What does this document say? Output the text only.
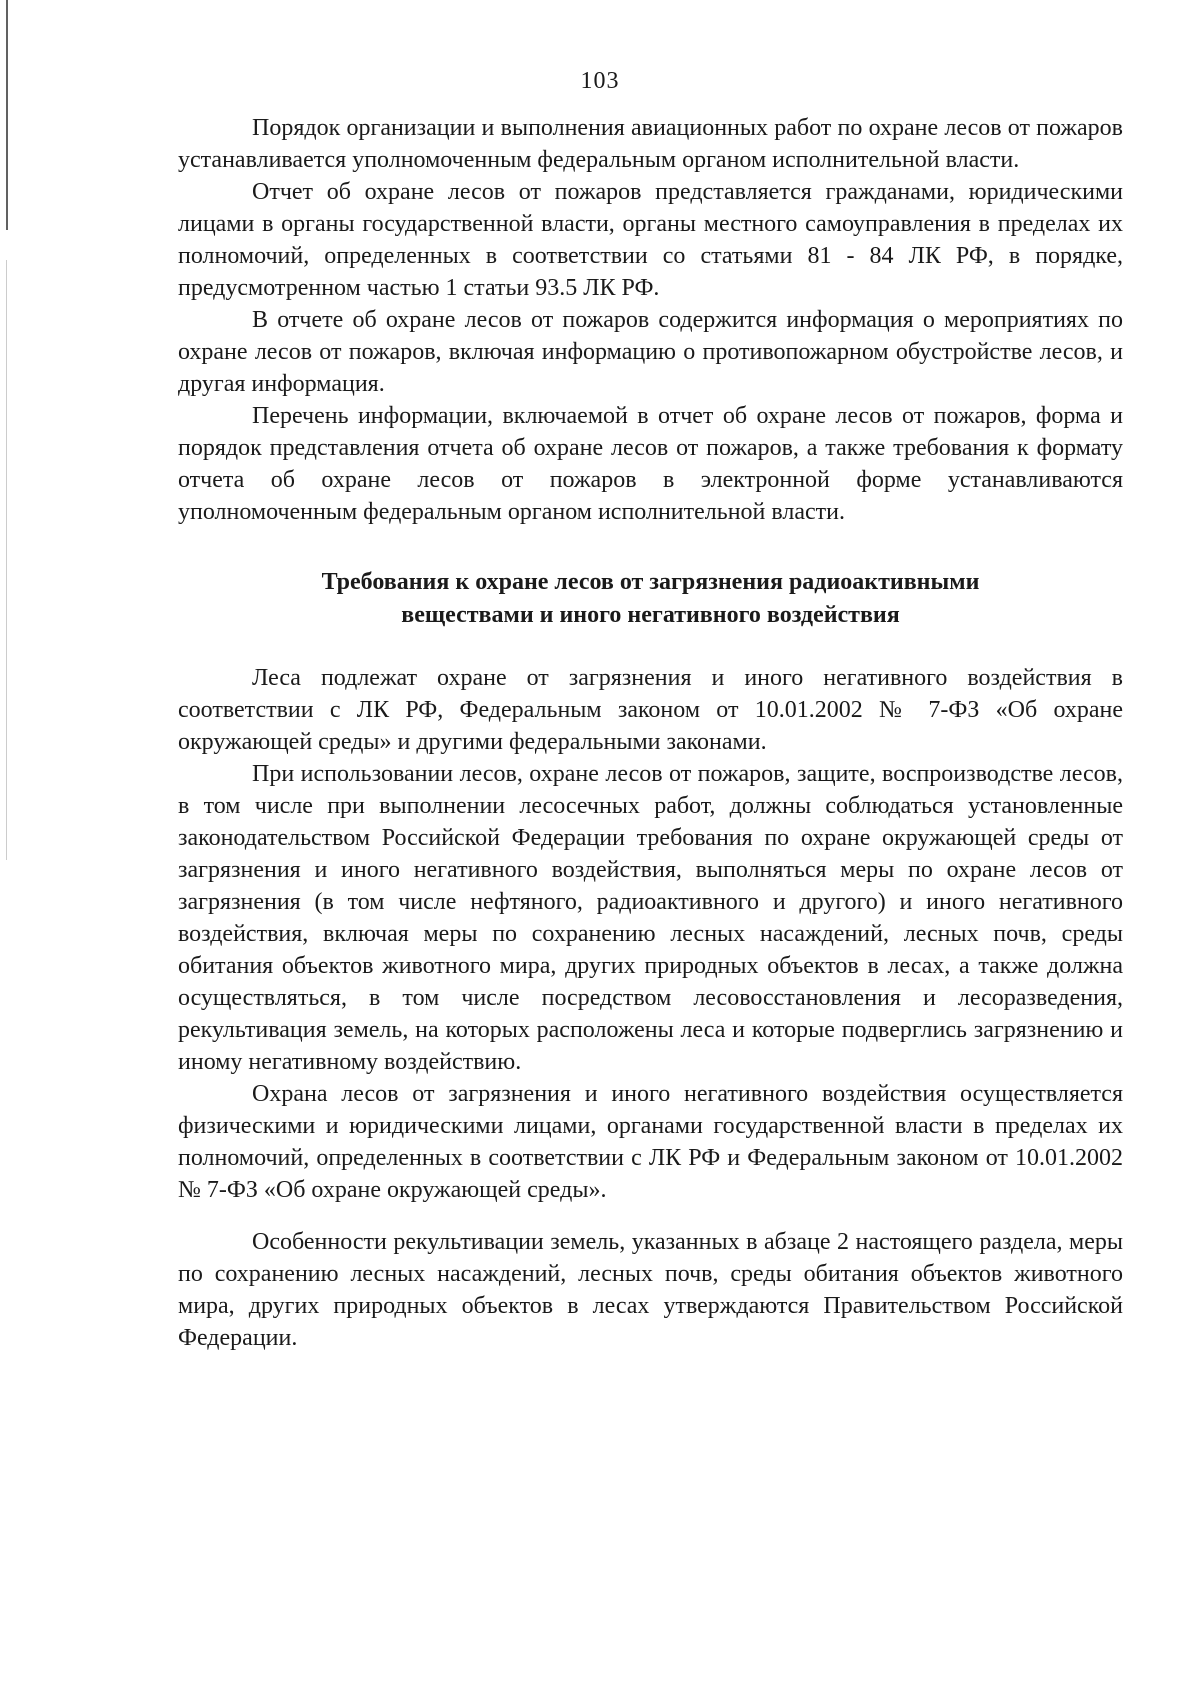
103

Порядок организации и выполнения авиационных работ по охране лесов от пожаров устанавливается уполномоченным федеральным органом исполнительной власти.

Отчет об охране лесов от пожаров представляется гражданами, юридическими лицами в органы государственной власти, органы местного самоуправления в пределах их полномочий, определенных в соответствии со статьями 81 - 84 ЛК РФ, в порядке, предусмотренном частью 1 статьи 93.5 ЛК РФ.

В отчете об охране лесов от пожаров содержится информация о мероприятиях по охране лесов от пожаров, включая информацию о противопожарном обустройстве лесов, и другая информация.

Перечень информации, включаемой в отчет об охране лесов от пожаров, форма и порядок представления отчета об охране лесов от пожаров, а также требования к формату отчета об охране лесов от пожаров в электронной форме устанавливаются уполномоченным федеральным органом исполнительной власти.

Требования к охране лесов от загрязнения радиоактивными
веществами и иного негативного воздействия

Леса подлежат охране от загрязнения и иного негативного воздействия в соответствии с ЛК РФ, Федеральным законом от 10.01.2002 № 7-ФЗ «Об охране окружающей среды» и другими федеральными законами.

При использовании лесов, охране лесов от пожаров, защите, воспроизводстве лесов, в том числе при выполнении лесосечных работ, должны соблюдаться установленные законодательством Российской Федерации требования по охране окружающей среды от загрязнения и иного негативного воздействия, выполняться меры по охране лесов от загрязнения (в том числе нефтяного, радиоактивного и другого) и иного негативного воздействия, включая меры по сохранению лесных насаждений, лесных почв, среды обитания объектов животного мира, других природных объектов в лесах, а также должна осуществляться, в том числе посредством лесовосстановления и лесоразведения, рекультивация земель, на которых расположены леса и которые подверглись загрязнению и иному негативному воздействию.

Охрана лесов от загрязнения и иного негативного воздействия осуществляется физическими и юридическими лицами, органами государственной власти в пределах их полномочий, определенных в соответствии с ЛК РФ и Федеральным законом от 10.01.2002 № 7-ФЗ «Об охране окружающей среды».

Особенности рекультивации земель, указанных в абзаце 2 настоящего раздела, меры по сохранению лесных насаждений, лесных почв, среды обитания объектов животного мира, других природных объектов в лесах утверждаются Правительством Российской Федерации.
